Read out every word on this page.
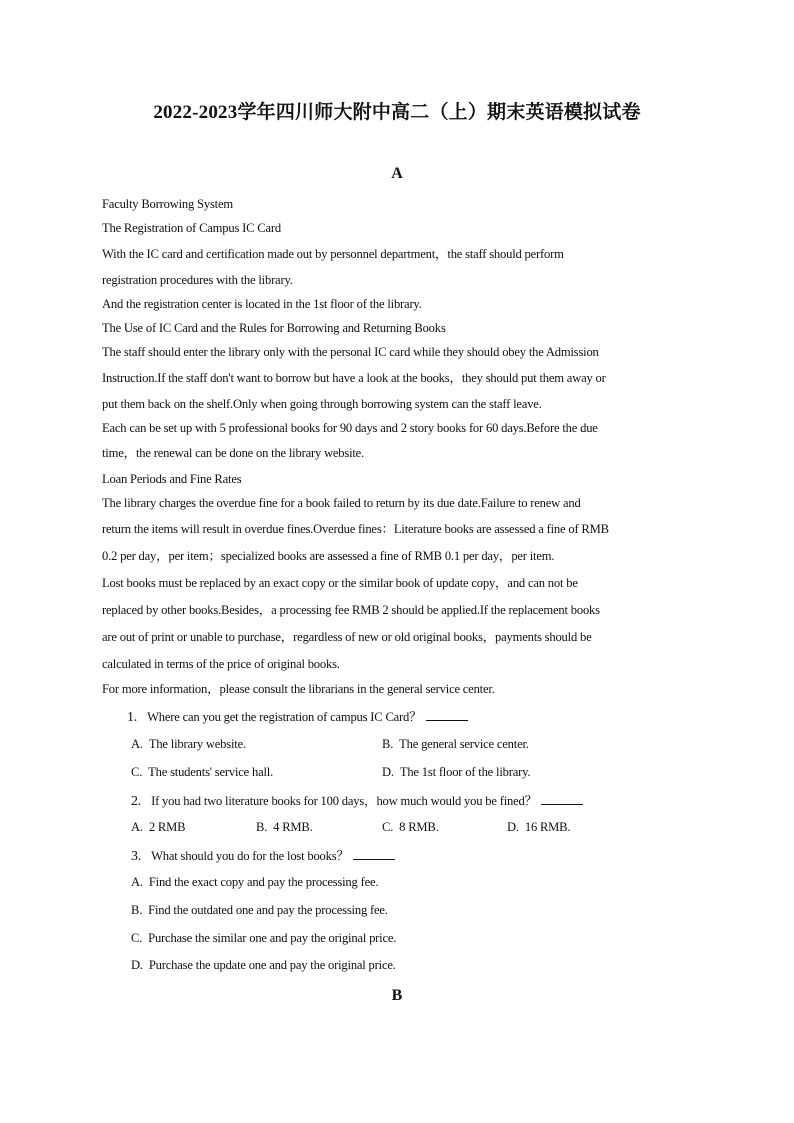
2022-2023学年四川师大附中高二（上）期末英语模拟试卷
A
Faculty Borrowing System
The Registration of Campus IC Card
With the IC card and certification made out by personnel department，the staff should perform
registration procedures with the library.
And the registration center is located in the 1st floor of the library.
The Use of IC Card and the Rules for Borrowing and Returning Books
The staff should enter the library only with the personal IC card while they should obey the Admission
Instruction.If the staff don't want to borrow but have a look at the books，they should put them away or
put them back on the shelf.Only when going through borrowing system can the staff leave.
Each can be set up with 5 professional books for 90 days and 2 story books for 60 days.Before the due
time，the renewal can be done on the library website.
Loan Periods and Fine Rates
The library charges the overdue fine for a book failed to return by its due date.Failure to renew and
return the items will result in overdue fines.Overdue fines：Literature books are assessed a fine of RMB
0.2 per day，per item；specialized books are assessed a fine of RMB 0.1 per day，per item.
Lost books must be replaced by an exact copy or the similar book of update copy，and can not be
replaced by other books.Besides，a processing fee RMB 2 should be applied.If the replacement books
are out of print or unable to purchase，regardless of new or old original books，payments should be
calculated in terms of the price of original books.
For more information，please consult the librarians in the general service center.
1. Where can you get the registration of campus IC Card？
A. The library website.	B. The general service center.
C. The students' service hall.	D. The 1st floor of the library.
2. If you had two literature books for 100 days，how much would you be fined？
A. 2 RMB	B. 4 RMB.	C. 8 RMB.	D. 16 RMB.
3. What should you do for the lost books？
A. Find the exact copy and pay the processing fee.
B. Find the outdated one and pay the processing fee.
C. Purchase the similar one and pay the original price.
D. Purchase the update one and pay the original price.
B
